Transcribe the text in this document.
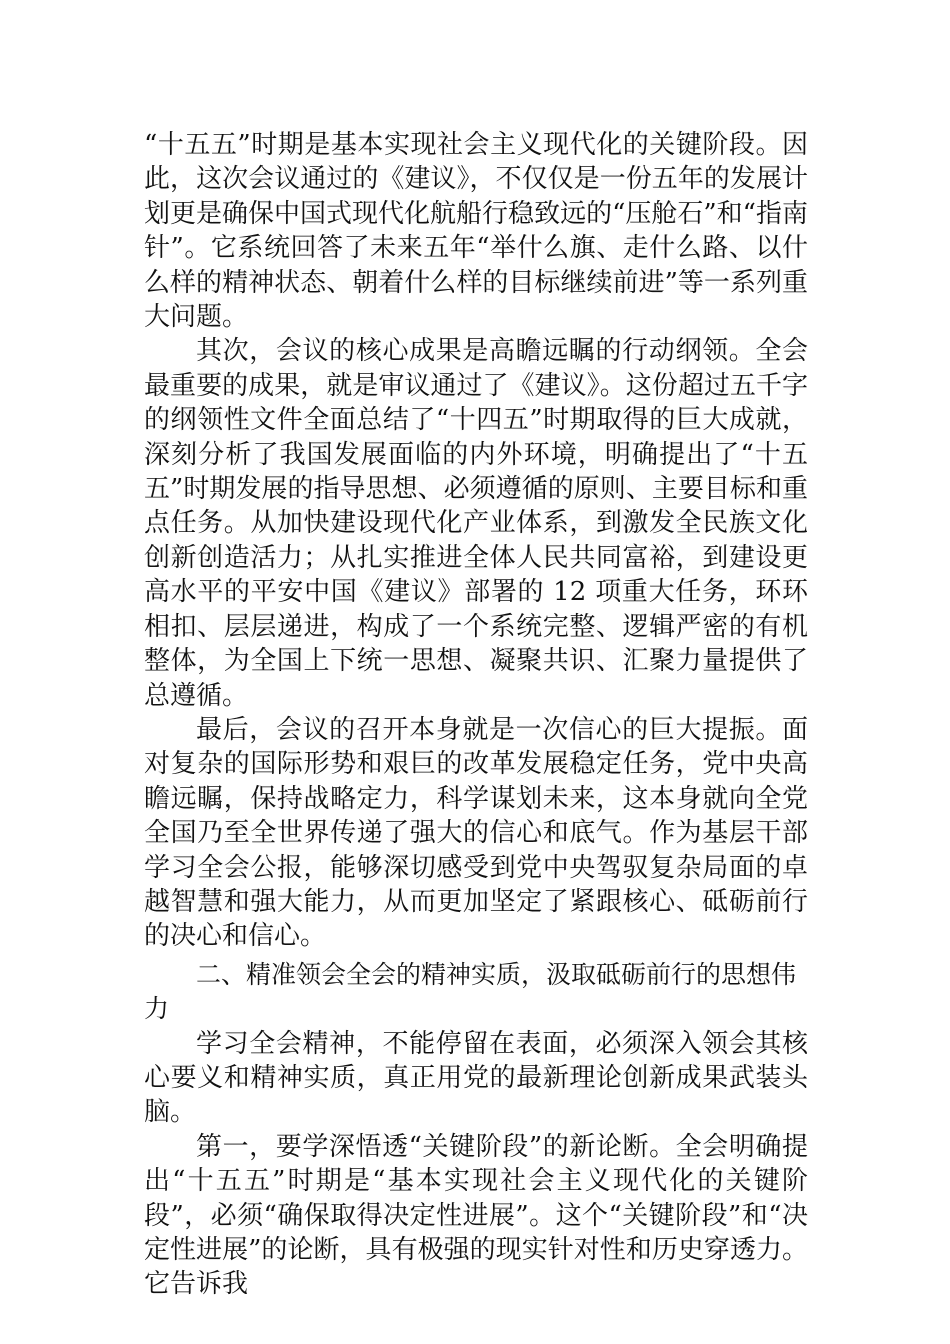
“十五五”时期是基本实现社会主义现代化的关键阶段。因此，这次会议通过的《建议》，不仅仅是一份五年的发展计划更是确保中国式现代化航船行稳致远的“压舱石”和“指南针”。它系统回答了未来五年“举什么旗、走什么路、以什么样的精神状态、朝着什么样的目标继续前进”等一系列重大问题。

其次，会议的核心成果是高瞻远瞩的行动纲领。全会最重要的成果，就是审议通过了《建议》。这份超过五千字的纲领性文件全面总结了“十四五”时期取得的巨大成就，深刻分析了我国发展面临的内外环境，明确提出了“十五五”时期发展的指导思想、必须遵循的原则、主要目标和重点任务。从加快建设现代化产业体系，到激发全民族文化创新创造活力；从扎实推进全体人民共同富裕，到建设更高水平的平安中国《建议》部署的 12 项重大任务，环环相扣、层层递进，构成了一个系统完整、逻辑严密的有机整体，为全国上下统一思想、凝聚共识、汇聚力量提供了总遵循。

最后，会议的召开本身就是一次信心的巨大提振。面对复杂的国际形势和艰巨的改革发展稳定任务，党中央高瞻远瞩，保持战略定力，科学谋划未来，这本身就向全党全国乃至全世界传递了强大的信心和底气。作为基层干部学习全会公报，能够深切感受到党中央驾驭复杂局面的卓越智慧和强大能力，从而更加坚定了紧跟核心、砥砺前行的决心和信心。

二、精准领会全会的精神实质，汲取砥砺前行的思想伟力

学习全会精神，不能停留在表面，必须深入领会其核心要义和精神实质，真正用党的最新理论创新成果武装头脑。

第一，要学深悟透“关键阶段”的新论断。全会明确提出“十五五”时期是“基本实现社会主义现代化的关键阶段”，必须“确保取得决定性进展”。这个“关键阶段”和“决定性进展”的论断，具有极强的现实针对性和历史穿透力。它告诉我
